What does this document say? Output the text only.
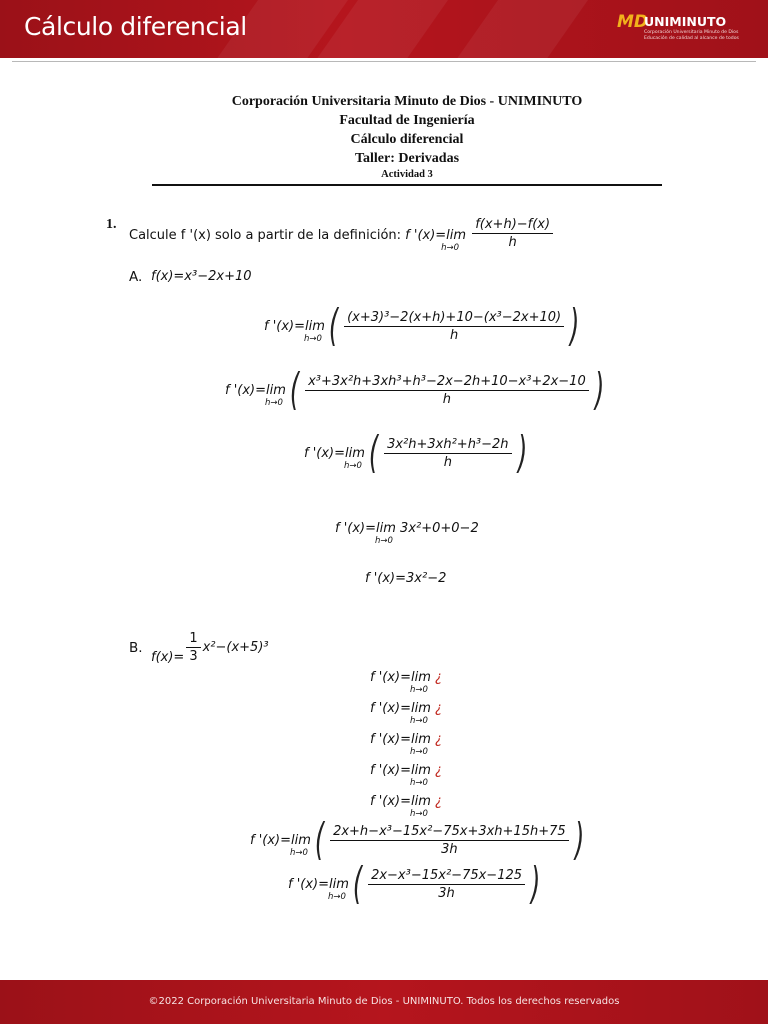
Cálculo diferencial	MD
UNIMINUTO
Corporación Universitaria Minuto de Dios
Educación de calidad al alcance de todos
Corporación Universitaria Minuto de Dios - UNIMINUTO
Facultad de Ingeniería
Cálculo diferencial
Taller: Derivadas
Actividad 3
1.
Calcule f '(x) solo a partir de la definición: f '(x)=lim
h→0
$\frac{f(x+h)-f(x)}{h}$
A. f(x)=x³−2x+10
f '(x)=lim
h→0 ( $\frac{\text{(x+3)³−2(x+h)+10−(x³−2x+10)}}{h}$ )
f '(x)=lim
h→0 ( $\frac{\text{x³+3x²h+3xh³+h³−2x−2h+10−x³+2x−10}}{h}$ )
f '(x)=lim
h→0 ( $\frac{\text{3x²h+3xh²+h³−2h}}{h}$ )
f '(x)=lim
h→0
3x²+0+0−2
f '(x)=3x²−2
B.
$f(x)= \frac{1}{3} x^2-(x+5)^3$
f '(x)=lim
h→0
¿
f '(x)=lim
h→0
¿
f '(x)=lim
h→0
¿
f '(x)=lim
h→0
¿
f '(x)=lim
h→0
¿
f '(x)=lim
h→0 ( $\frac{\text{2x+h−x³−15x²−75x+3xh+15h+75}}{3h}$ )
f '(x)=lim
h→0 ( $\frac{\text{2x−x³−15x²−75x−125}}{3h}$ )
©2022 Corporación Universitaria Minuto de Dios - UNIMINUTO. Todos los derechos reservados
